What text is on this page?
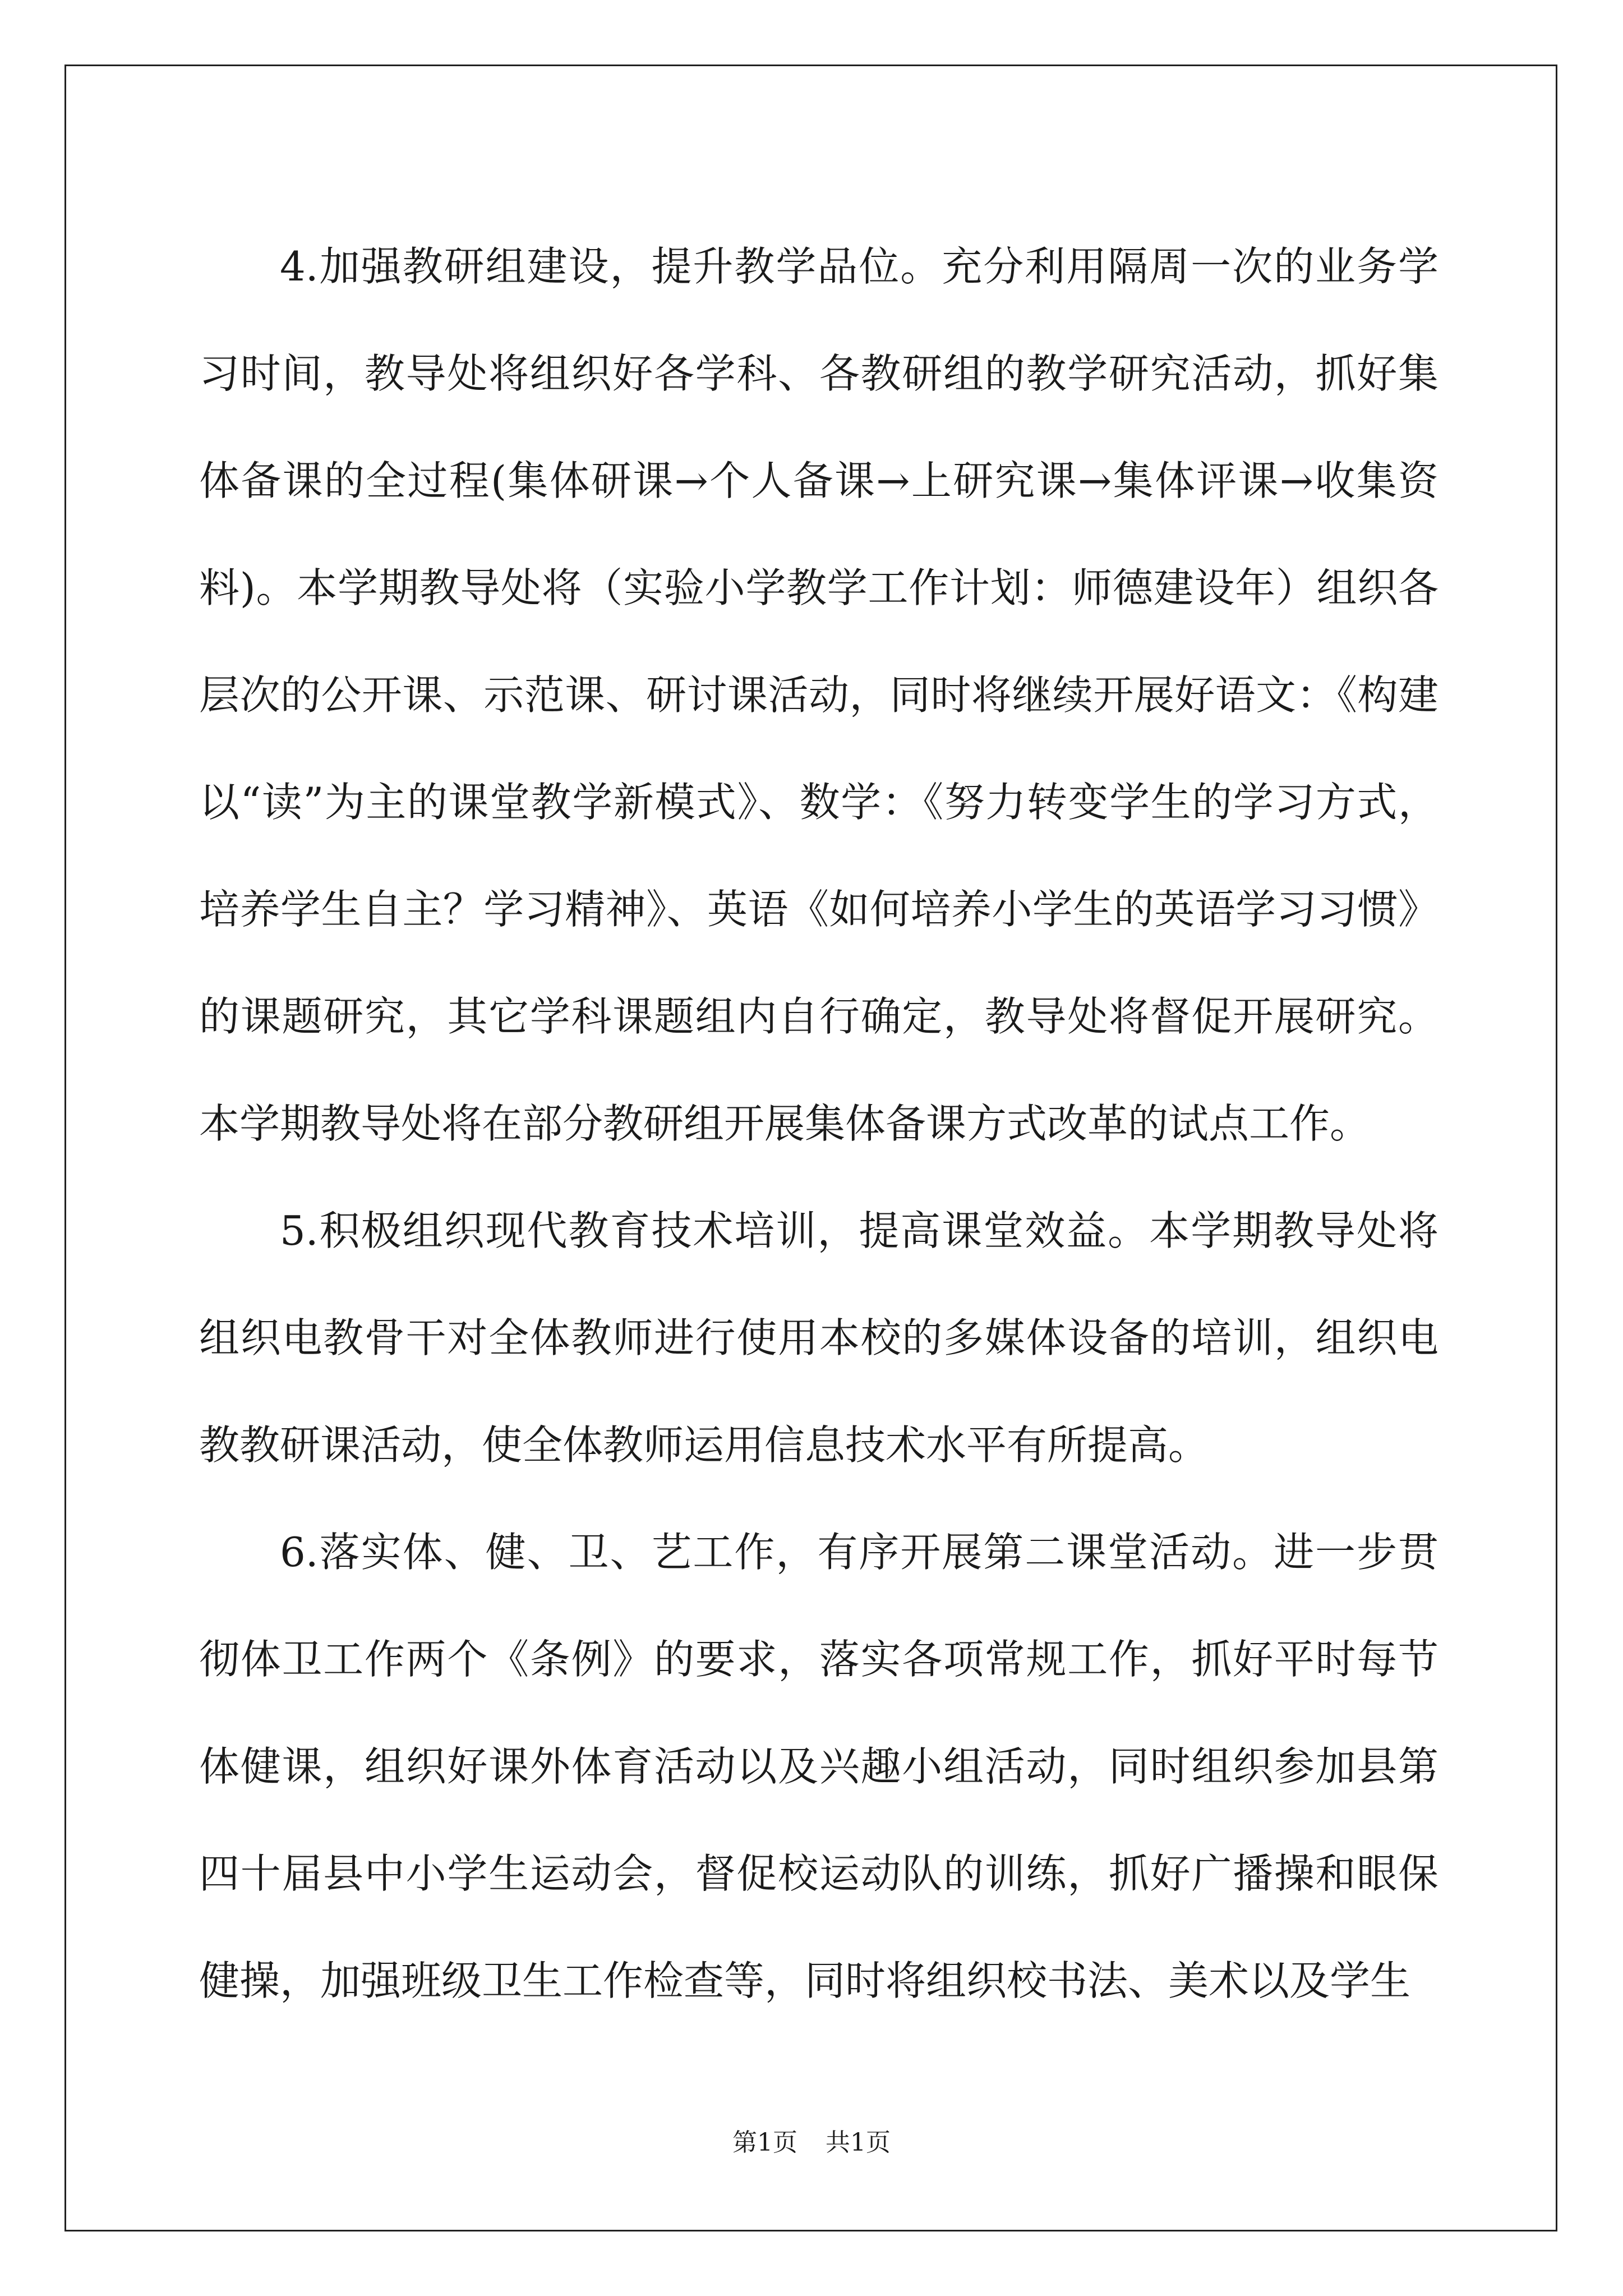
4.加强教研组建设，提升教学品位。充分利用隔周一次的业务学习时间，教导处将组织好各学科、各教研组的教学研究活动，抓好集体备课的全过程(集体研课→个人备课→上研究课→集体评课→收集资料)。本学期教导处将（实验小学教学工作计划：师德建设年）组织各层次的公开课、示范课、研讨课活动，同时将继续开展好语文：《构建以“读”为主的课堂教学新模式》、数学：《努力转变学生的学习方式，培养学生自主？学习精神》、英语《如何培养小学生的英语学习习惯》的课题研究，其它学科课题组内自行确定，教导处将督促开展研究。本学期教导处将在部分教研组开展集体备课方式改革的试点工作。

5.积极组织现代教育技术培训，提高课堂效益。本学期教导处将组织电教骨干对全体教师进行使用本校的多媒体设备的培训，组织电教教研课活动，使全体教师运用信息技术水平有所提高。

6.落实体、健、卫、艺工作，有序开展第二课堂活动。进一步贯彻体卫工作两个《条例》的要求，落实各项常规工作，抓好平时每节体健课，组织好课外体育活动以及兴趣小组活动，同时组织参加县第四十届县中小学生运动会，督促校运动队的训练，抓好广播操和眼保健操，加强班级卫生工作检查等，同时将组织校书法、美术以及学生

第1页 共1页
